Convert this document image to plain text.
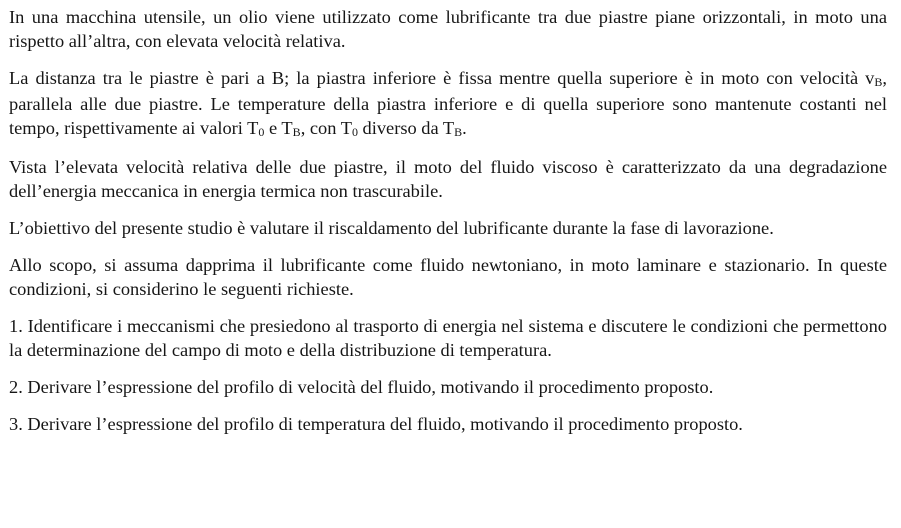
In una macchina utensile, un olio viene utilizzato come lubrificante tra due piastre piane orizzontali, in moto una rispetto all’altra, con elevata velocità relativa.

La distanza tra le piastre è pari a B; la piastra inferiore è fissa mentre quella superiore è in moto con velocità vB, parallela alle due piastre. Le temperature della piastra inferiore e di quella superiore sono mantenute costanti nel tempo, rispettivamente ai valori T0 e TB, con T0 diverso da TB.

Vista l’elevata velocità relativa delle due piastre, il moto del fluido viscoso è caratterizzato da una degradazione dell’energia meccanica in energia termica non trascurabile.

L’obiettivo del presente studio è valutare il riscaldamento del lubrificante durante la fase di lavorazione.

Allo scopo, si assuma dapprima il lubrificante come fluido newtoniano, in moto laminare e stazionario. In queste condizioni, si considerino le seguenti richieste.

1. Identificare i meccanismi che presiedono al trasporto di energia nel sistema e discutere le condizioni che permettono la determinazione del campo di moto e della distribuzione di temperatura.

2. Derivare l’espressione del profilo di velocità del fluido, motivando il procedimento proposto.

3. Derivare l’espressione del profilo di temperatura del fluido, motivando il procedimento proposto.
